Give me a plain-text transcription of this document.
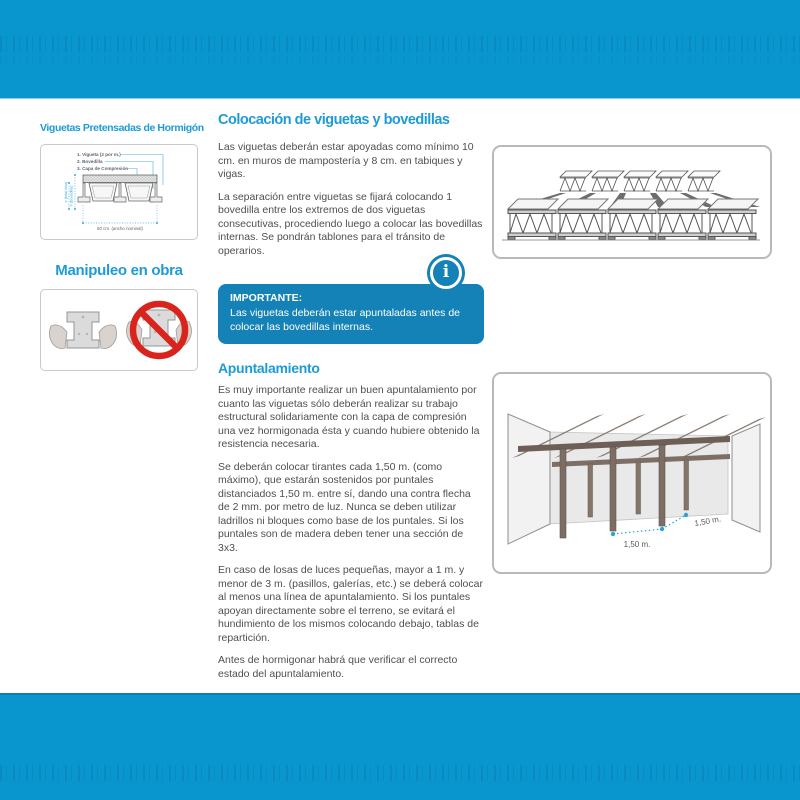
Viguetas Pretensadas de Hormigón
1. Vigueta (2 por m.)
2. Bovedilla
3. Capa de Compresión
e (total losa) h (bovedilla)
50 cm. (ancho nominal)
Manipuleo en obra
Colocación de viguetas y bovedillas

Las viguetas deberán estar apoyadas como mínimo 10 cm. en muros de mampostería y 8 cm. en tabiques y vigas.

La separación entre viguetas se fijará colocando 1 bovedilla entre los extremos de dos viguetas consecutivas, procediendo luego a colocar las bovedillas internas. Se pondrán tablones para el tránsito de operarios.

i
IMPORTANTE:
Las viguetas deberán estar apuntaladas antes de colocar las bovedillas internas.
Apuntalamiento

Es muy importante realizar un buen apuntalamiento por cuanto las viguetas sólo deberán realizar su trabajo estructural solidariamente con la capa de compresión una vez hormigonada ésta y cuando hubiere obtenido la resistencia necesaria.

Se deberán colocar tirantes cada 1,50 m. (como máximo), que estarán sostenidos por puntales distanciados 1,50 m. entre sí, dando una contra flecha de 2 mm. por metro de luz. Nunca se deben utilizar ladrillos ni bloques como base de los puntales. Si los puntales son de madera deben tener una sección de 3x3.

En caso de losas de luces pequeñas, mayor a 1 m. y menor de 3 m. (pasillos, galerías, etc.) se deberá colocar al menos una línea de apuntalamiento. Si los puntales apoyan directamente sobre el terreno, se evitará el hundimiento de los mismos colocando debajo, tablas de repartición.

Antes de hormigonar habrá que verificar el correcto estado del apuntalamiento.

1,50 m.
1,50 m.
